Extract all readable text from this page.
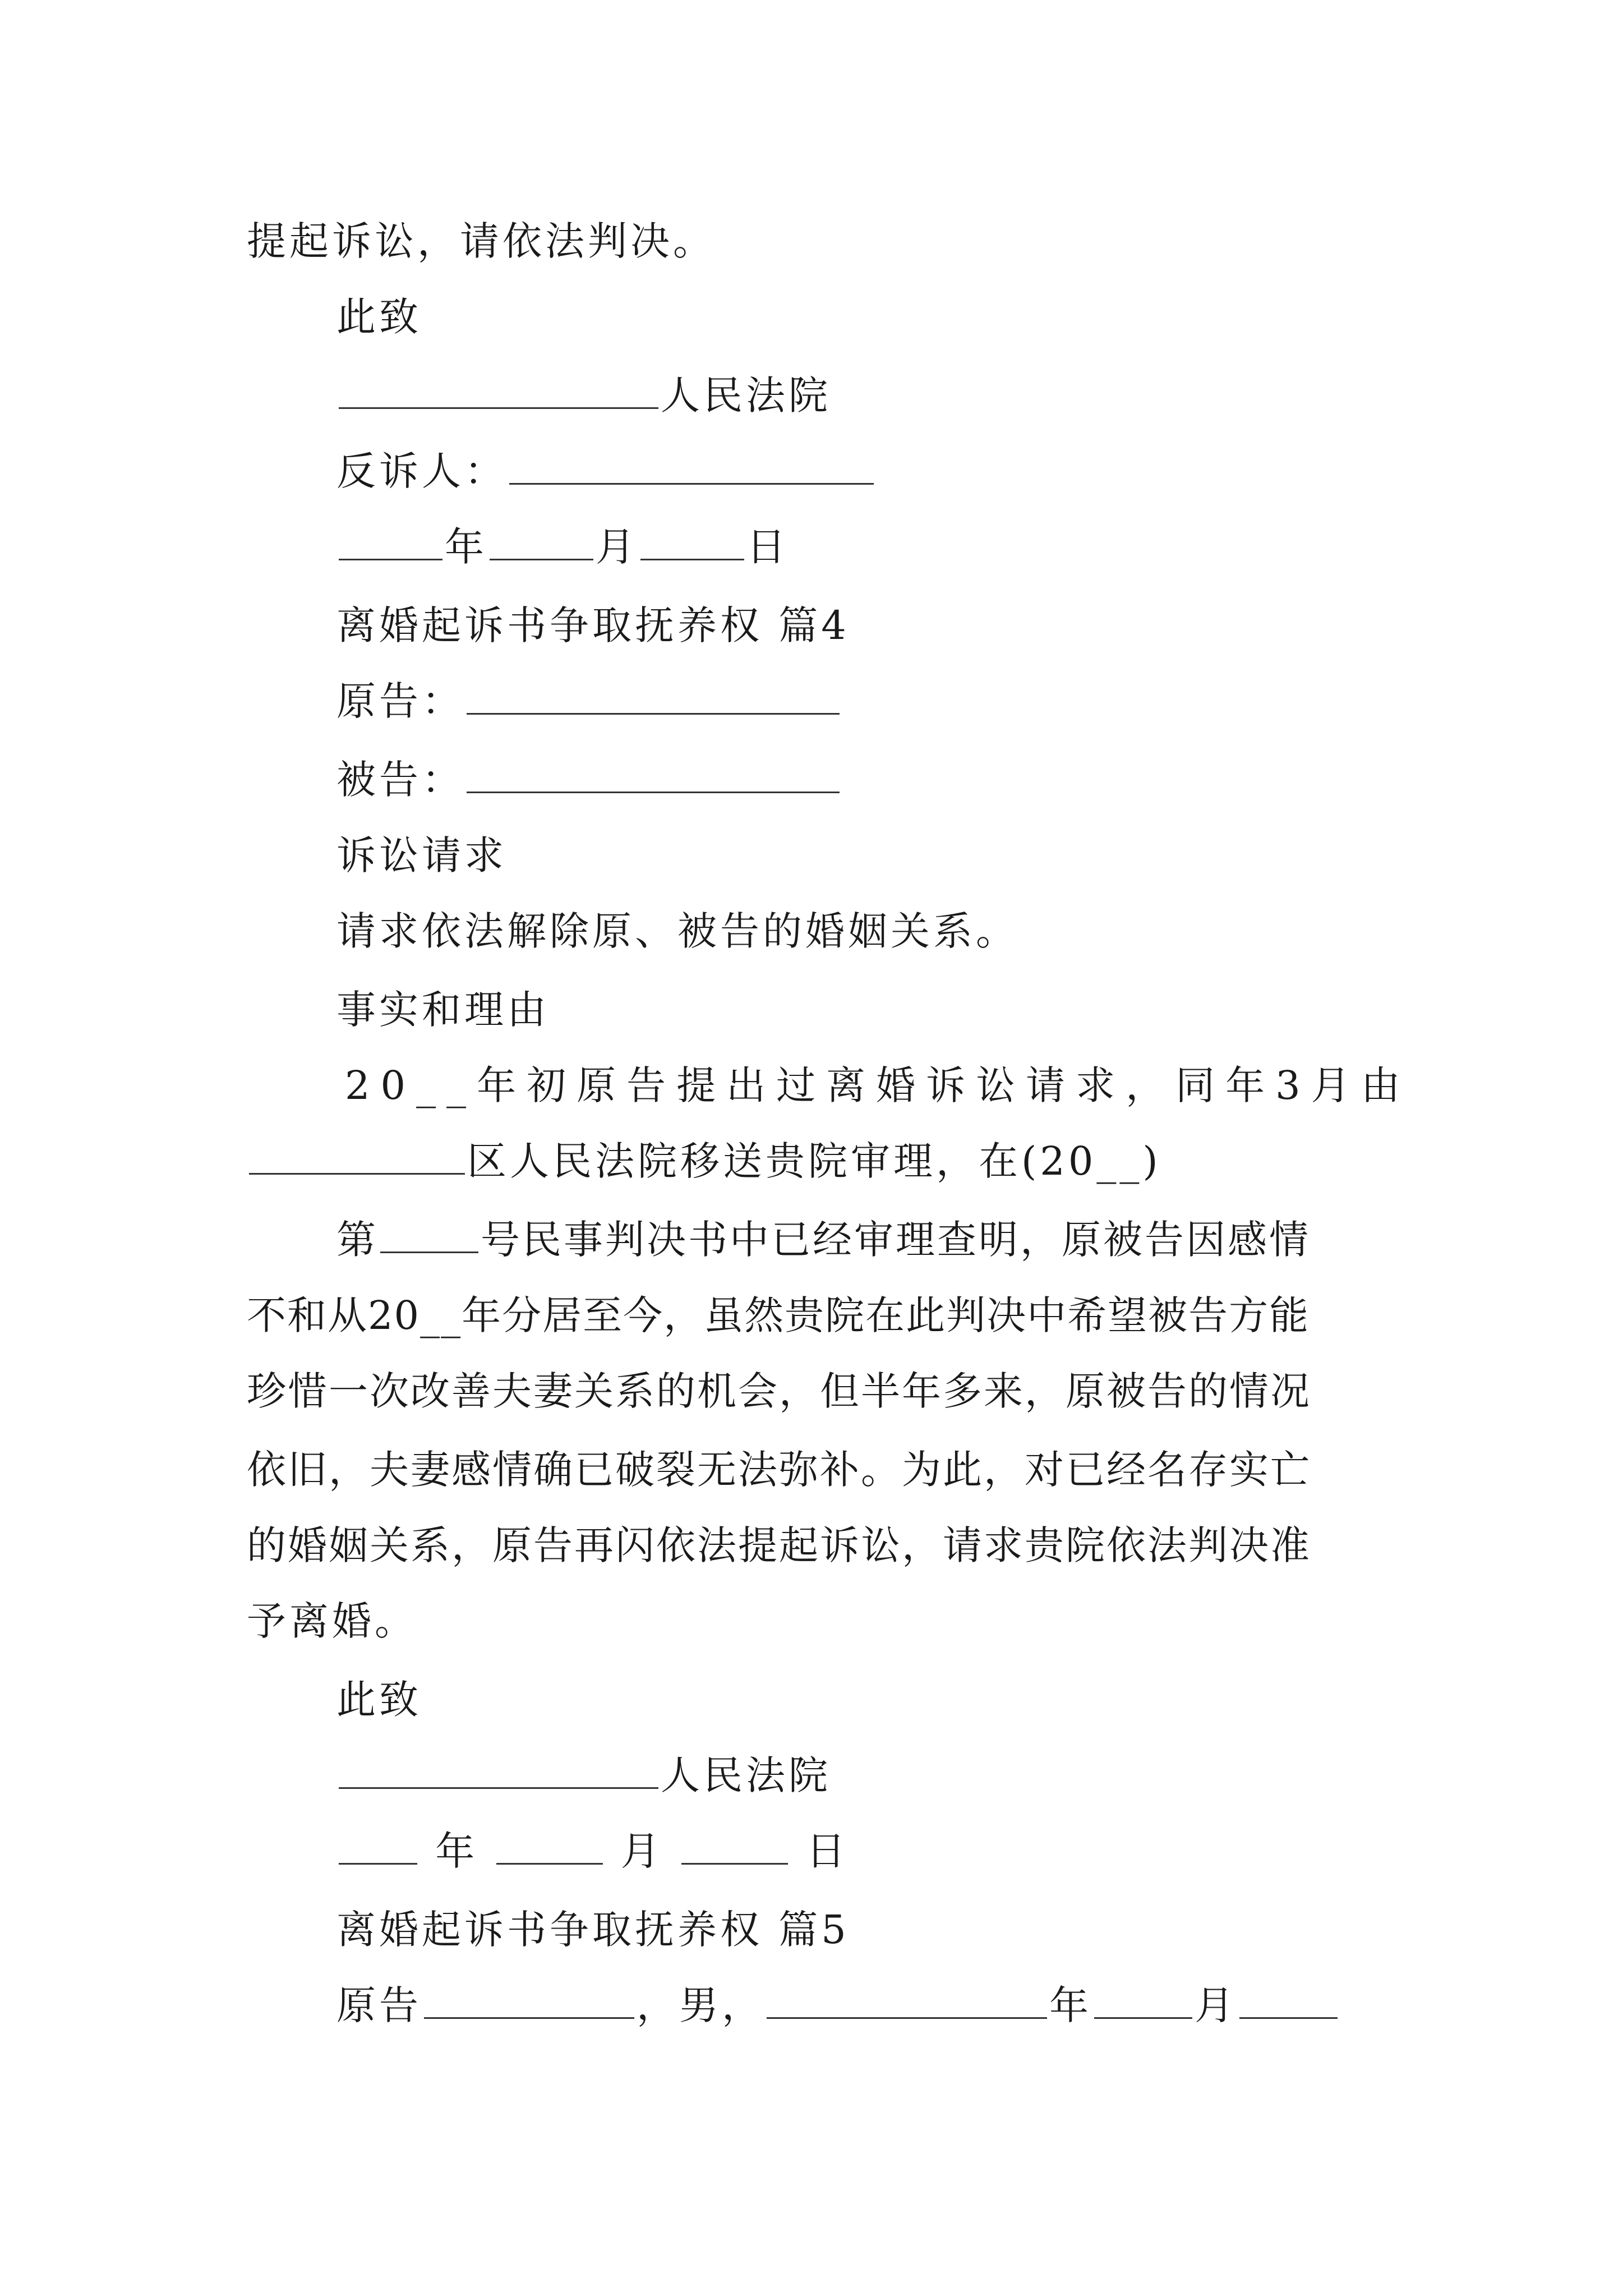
提起诉讼，请依法判决。
此致
人民法院
反诉人：
年	月	日
离婚起诉书争取抚养权 篇4
原告：
被告：
诉讼请求
请求依法解除原、被告的婚姻关系。
事实和理由
20__年初原告提出过离婚诉讼请求，同年3月由
区人民法院移送贵院审理，在(20__)
第	号民事判决书中已经审理查明，原被告因感情
不和从20__年分居至今，虽然贵院在此判决中希望被告方能
珍惜一次改善夫妻关系的机会，但半年多来，原被告的情况
依旧，夫妻感情确已破裂无法弥补。为此，对已经名存实亡
的婚姻关系，原告再闪依法提起诉讼，请求贵院依法判决准
予离婚。
此致
人民法院
年	月	日
离婚起诉书争取抚养权 篇5
原告	，男，	年	月
